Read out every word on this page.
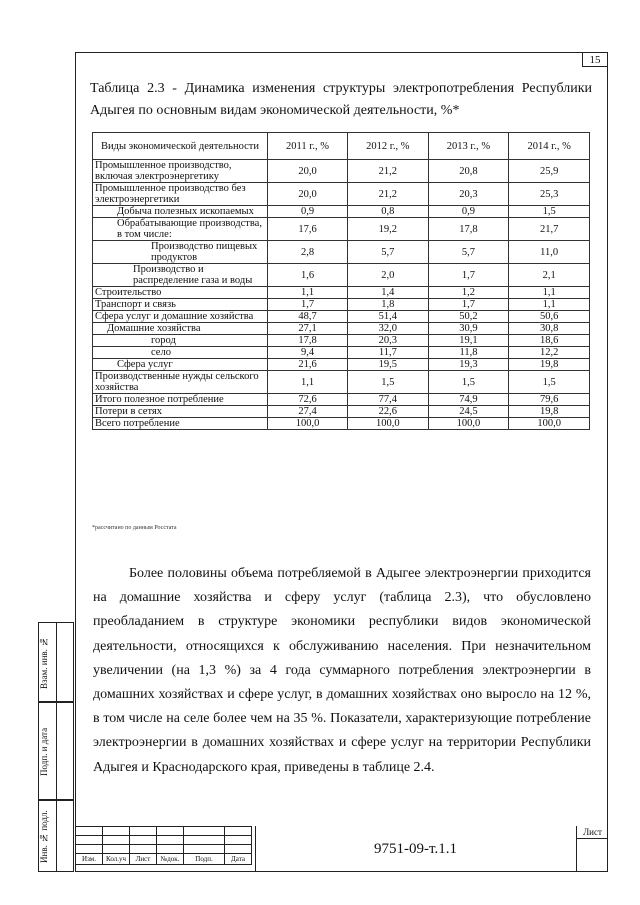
15
Таблица 2.3 - Динамика изменения структуры электропотребления Республики Адыгея по основным видам экономической деятельности, %*
Виды экономической деятельности	2011 г., %	2012 г., %	2013 г., %	2014 г., %
Промышленное производство, включая электроэнергетику	20,0	21,2	20,8	25,9
Промышленное производство без электроэнергетики	20,0	21,2	20,3	25,3
Добыча полезных ископаемых	0,9	0,8	0,9	1,5
Обрабатывающие производства, в том числе:	17,6	19,2	17,8	21,7
Производство пищевых продуктов	2,8	5,7	5,7	11,0
Производство и распределение газа и воды	1,6	2,0	1,7	2,1
Строительство	1,1	1,4	1,2	1,1
Транспорт и связь	1,7	1,8	1,7	1,1
Сфера услуг и домашние хозяйства	48,7	51,4	50,2	50,6
Домашние хозяйства	27,1	32,0	30,9	30,8
город	17,8	20,3	19,1	18,6
село	9,4	11,7	11,8	12,2
Сфера услуг	21,6	19,5	19,3	19,8
Производственные нужды сельского хозяйства	1,1	1,5	1,5	1,5
Итого полезное потребление	72,6	77,4	74,9	79,6
Потери в сетях	27,4	22,6	24,5	19,8
Всего потребление	100,0	100,0	100,0	100,0
*рассчитано по данным Росстата
Более половины объема потребляемой в Адыгее электроэнергии приходится на домашние хозяйства и сферу услуг (таблица 2.3), что обусловлено преобладанием в структуре экономики республики видов экономической деятельности, относящихся к обслуживанию населения. При незначительном увеличении (на 1,3 %) за 4 года суммарного потребления электроэнергии в домашних хозяйствах и сфере услуг, в домашних хозяйствах оно выросло на 12 %, в том числе на селе более чем на 35 %. Показатели, характеризующие потребление электроэнергии в домашних хозяйствах и сфере услуг на территории Республики Адыгея и Краснодарского края, приведены в таблице 2.4.
Взам. инв. №
Подп. и дата
Инв. № подл.

						Изм.	Кол.уч	Лист	№док.	Подп.	Дата
9751-09-т.1.1
Лист
